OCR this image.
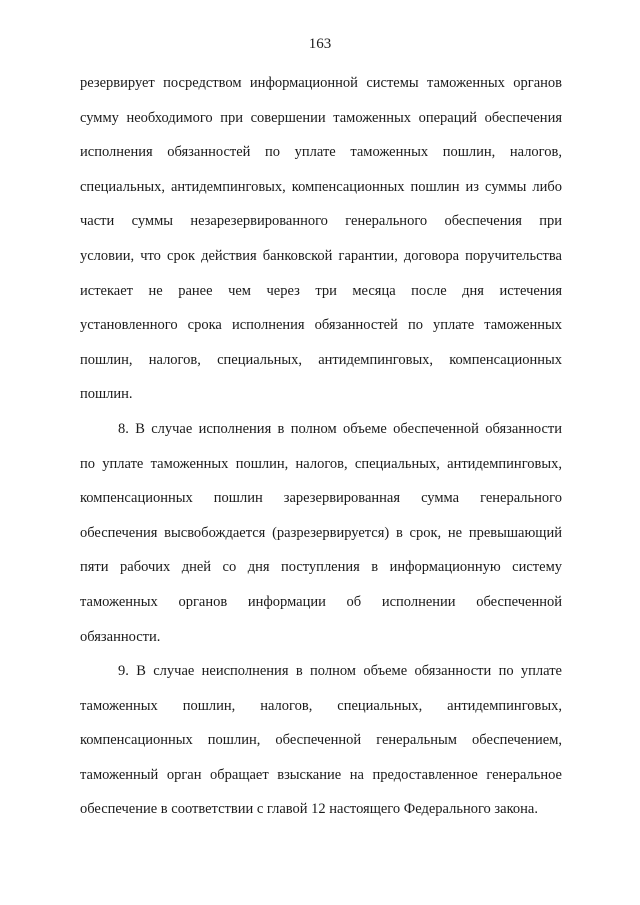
163
резервирует посредством информационной системы таможенных органов
сумму необходимого при совершении таможенных операций обеспечения
исполнения обязанностей по уплате таможенных пошлин, налогов,
специальных, антидемпинговых, компенсационных пошлин из суммы либо
части суммы незарезервированного генерального обеспечения при
условии, что срок действия банковской гарантии, договора поручительства
истекает не ранее чем через три месяца после дня истечения
установленного срока исполнения обязанностей по уплате таможенных
пошлин, налогов, специальных, антидемпинговых, компенсационных
пошлин.
8. В случае исполнения в полном объеме обеспеченной обязанности
по уплате таможенных пошлин, налогов, специальных, антидемпинговых,
компенсационных пошлин зарезервированная сумма генерального
обеспечения высвобождается (разрезервируется) в срок, не превышающий
пяти рабочих дней со дня поступления в информационную систему
таможенных органов информации об исполнении обеспеченной
обязанности.
9. В случае неисполнения в полном объеме обязанности по уплате
таможенных пошлин, налогов, специальных, антидемпинговых,
компенсационных пошлин, обеспеченной генеральным обеспечением,
таможенный орган обращает взыскание на предоставленное генеральное
обеспечение в соответствии с главой 12 настоящего Федерального закона.
